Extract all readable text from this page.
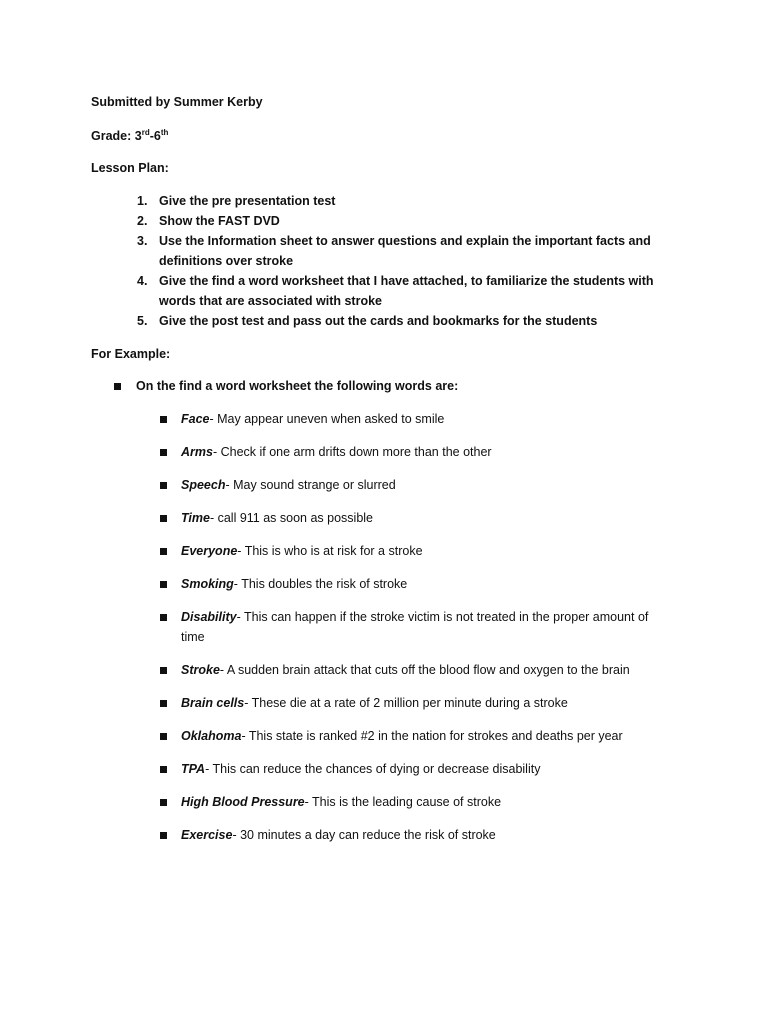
Submitted by Summer Kerby
Grade: 3rd-6th
Lesson Plan:
1. Give the pre presentation test
2. Show the FAST DVD
3. Use the Information sheet to answer questions and explain the important facts and definitions over stroke
4. Give the find a word worksheet that I have attached, to familiarize the students with words that are associated with stroke
5. Give the post test and pass out the cards and bookmarks for the students
For Example:
On the find a word worksheet the following words are:
Face- May appear uneven when asked to smile
Arms- Check if one arm drifts down more than the other
Speech- May sound strange or slurred
Time- call 911 as soon as possible
Everyone- This is who is at risk for a stroke
Smoking- This doubles the risk of stroke
Disability- This can happen if the stroke victim is not treated in the proper amount of time
Stroke- A sudden brain attack that cuts off the blood flow and oxygen to the brain
Brain cells- These die at a rate of 2 million per minute during a stroke
Oklahoma- This state is ranked #2 in the nation for strokes and deaths per year
TPA- This can reduce the chances of dying or decrease disability
High Blood Pressure- This is the leading cause of stroke
Exercise- 30 minutes a day can reduce the risk of stroke
